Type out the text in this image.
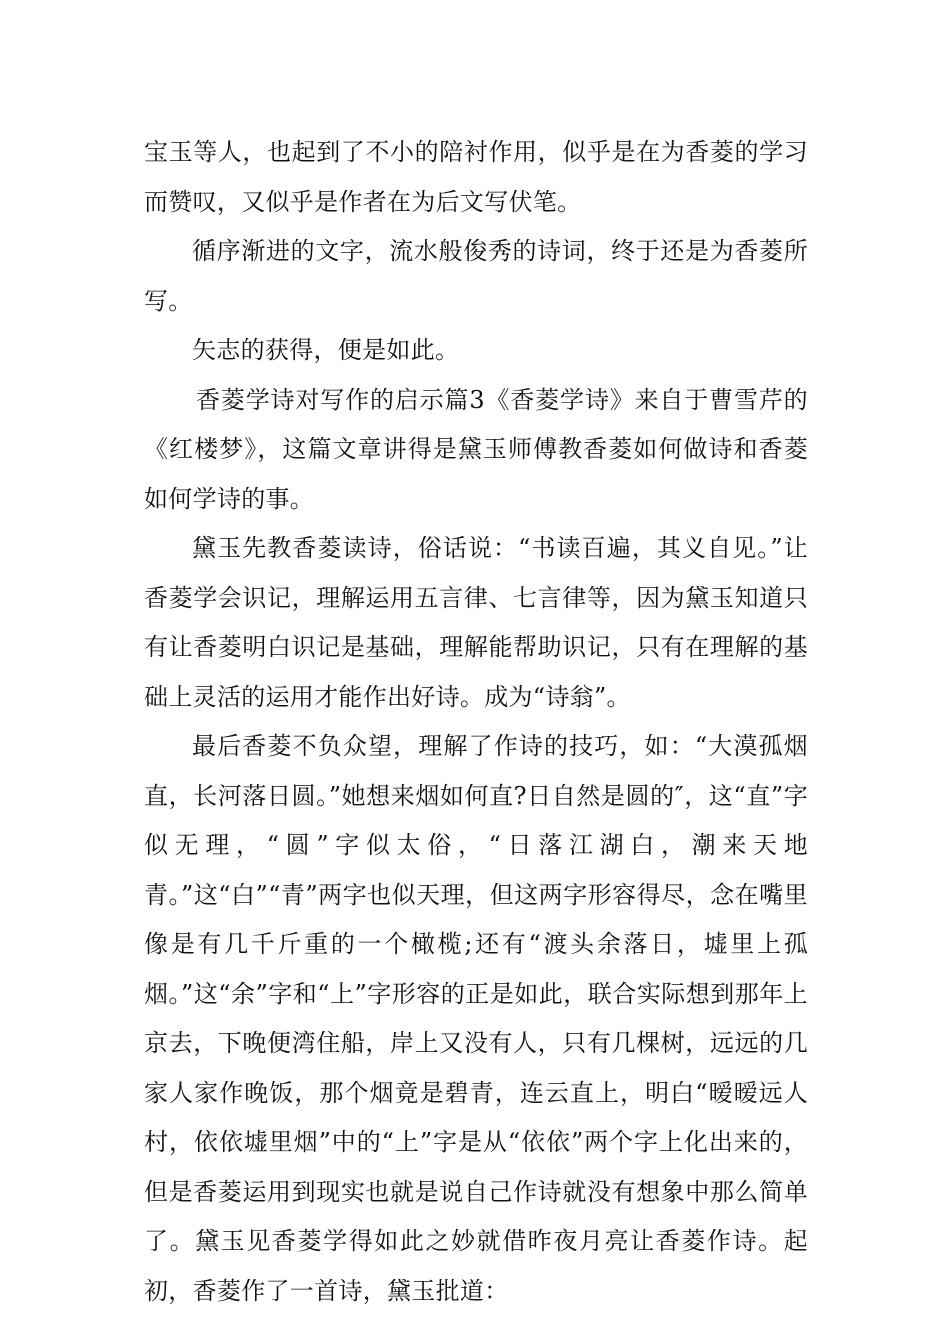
宝玉等人，也起到了不小的陪衬作用，似乎是在为香菱的学习而赞叹，又似乎是作者在为后文写伏笔。

循序渐进的文字，流水般俊秀的诗词，终于还是为香菱所写。

矢志的获得，便是如此。

香菱学诗对写作的启示篇3《香菱学诗》来自于曹雪芹的《红楼梦》，这篇文章讲得是黛玉师傅教香菱如何做诗和香菱如何学诗的事。

黛玉先教香菱读诗，俗话说：“书读百遍，其义自见。”让香菱学会识记，理解运用五言律、七言律等，因为黛玉知道只有让香菱明白识记是基础，理解能帮助识记，只有在理解的基础上灵活的运用才能作出好诗。成为“诗翁”。

最后香菱不负众望，理解了作诗的技巧，如：“大漠孤烟直，长河落日圆。”她想来烟如何直?日自然是圆的″，这“直”字似无理，“圆”字似太俗，“日落江湖白，潮来天地青。”这“白”“青”两字也似天理，但这两字形容得尽，念在嘴里像是有几千斤重的一个橄榄;还有“渡头余落日，墟里上孤烟。”这“余”字和“上”字形容的正是如此，联合实际想到那年上京去，下晚便湾住船，岸上又没有人，只有几棵树，远远的几家人家作晚饭，那个烟竟是碧青，连云直上，明白“暧暧远人村，依依墟里烟”中的“上”字是从“依依”两个字上化出来的，但是香菱运用到现实也就是说自己作诗就没有想象中那么简单了。黛玉见香菱学得如此之妙就借昨夜月亮让香菱作诗。起初，香菱作了一首诗，黛玉批道：
